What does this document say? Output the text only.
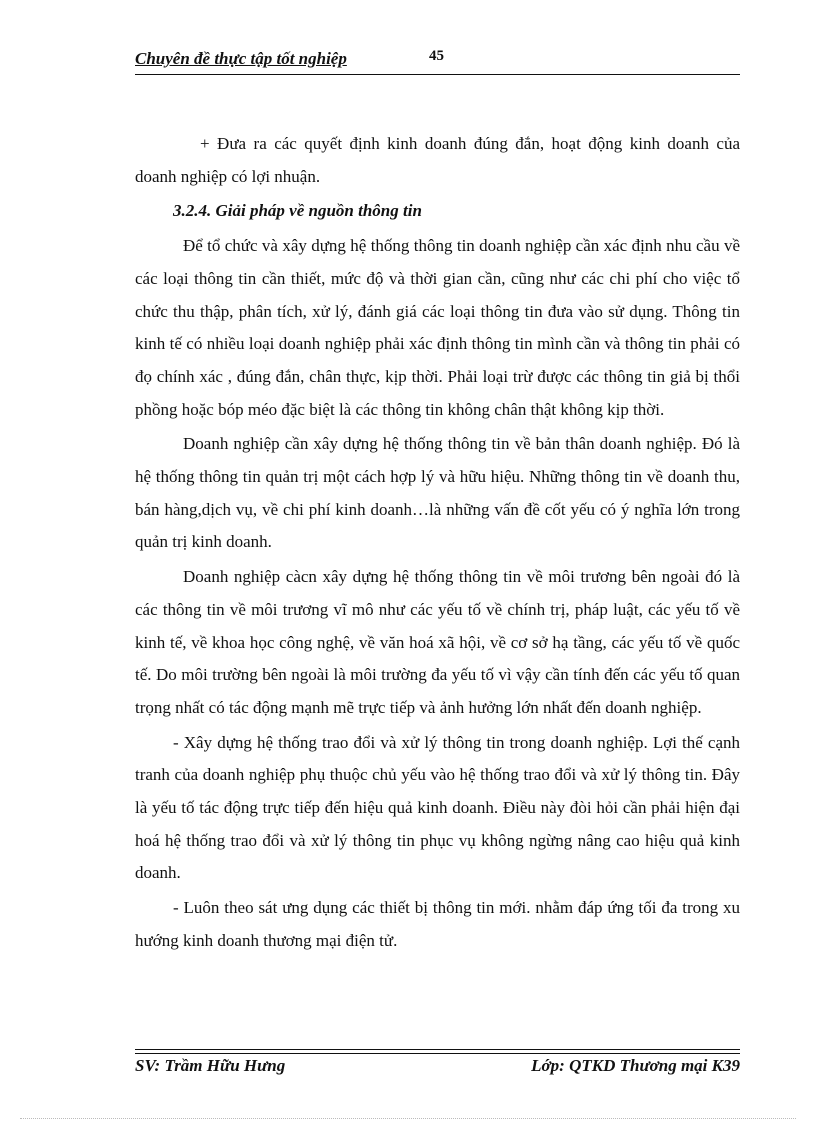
Chuyên đề thực tập tốt nghiệp	45

+ Đưa ra các quyết định kinh doanh đúng đắn, hoạt động kinh doanh của doanh nghiệp có lợi nhuận.

3.2.4. Giải pháp về nguồn thông tin

Để tổ chức và xây dựng hệ thống thông tin doanh nghiệp cần xác định nhu cầu về các loại thông tin cần thiết, mức độ và thời gian cần, cũng như các chi phí cho việc tổ chức thu thập, phân tích, xử lý, đánh giá các loại thông tin đưa vào sử dụng. Thông tin kinh tế có nhiều loại doanh nghiệp phải xác định thông tin mình cần và thông tin phải có đọ chính xác , đúng đắn, chân thực, kịp thời. Phải loại trừ được các thông tin giả bị thổi phồng hoặc bóp méo đặc biệt là các thông tin không chân thật không kịp thời.

Doanh nghiệp cần xây dựng hệ thống thông tin về bản thân doanh nghiệp. Đó là hệ thống thông tin quản trị một cách hợp lý và hữu hiệu. Những thông tin về doanh thu, bán hàng,dịch vụ, về chi phí kinh doanh…là những vấn đề cốt yếu có ý nghĩa lớn trong quản trị kinh doanh.

Doanh nghiệp càcn xây dựng hệ thống thông tin về môi trương bên ngoài đó là các thông tin về môi trương vĩ mô như các yếu tố về chính trị, pháp luật, các yếu tố về kinh tế, về khoa học công nghệ, về văn hoá xã hội, về cơ sở hạ tầng, các yếu tố về quốc tế. Do môi trường bên ngoài là môi trường đa yếu tố vì vậy cần tính đến các yếu tố quan trọng nhất có tác động mạnh mẽ trực tiếp và ảnh hưởng lớn nhất đến doanh nghiệp.

- Xây dựng hệ thống trao đổi và xử lý thông tin trong doanh nghiệp. Lợi thế cạnh tranh của doanh nghiệp phụ thuộc chủ yếu vào hệ thống trao đổi và xử lý thông tin. Đây là yếu tố tác động trực tiếp đến hiệu quả kinh doanh. Điều này đòi hỏi cần phải hiện đại hoá hệ thống trao đổi và xử lý thông tin phục vụ không ngừng nâng cao hiệu quả kinh doanh.

- Luôn theo sát ưng dụng các thiết bị thông tin mới. nhằm đáp ứng tối đa trong xu hướng kinh doanh thương mại điện tử.

SV: Trầm Hữu Hưng	Lớp: QTKD Thương mại K39
